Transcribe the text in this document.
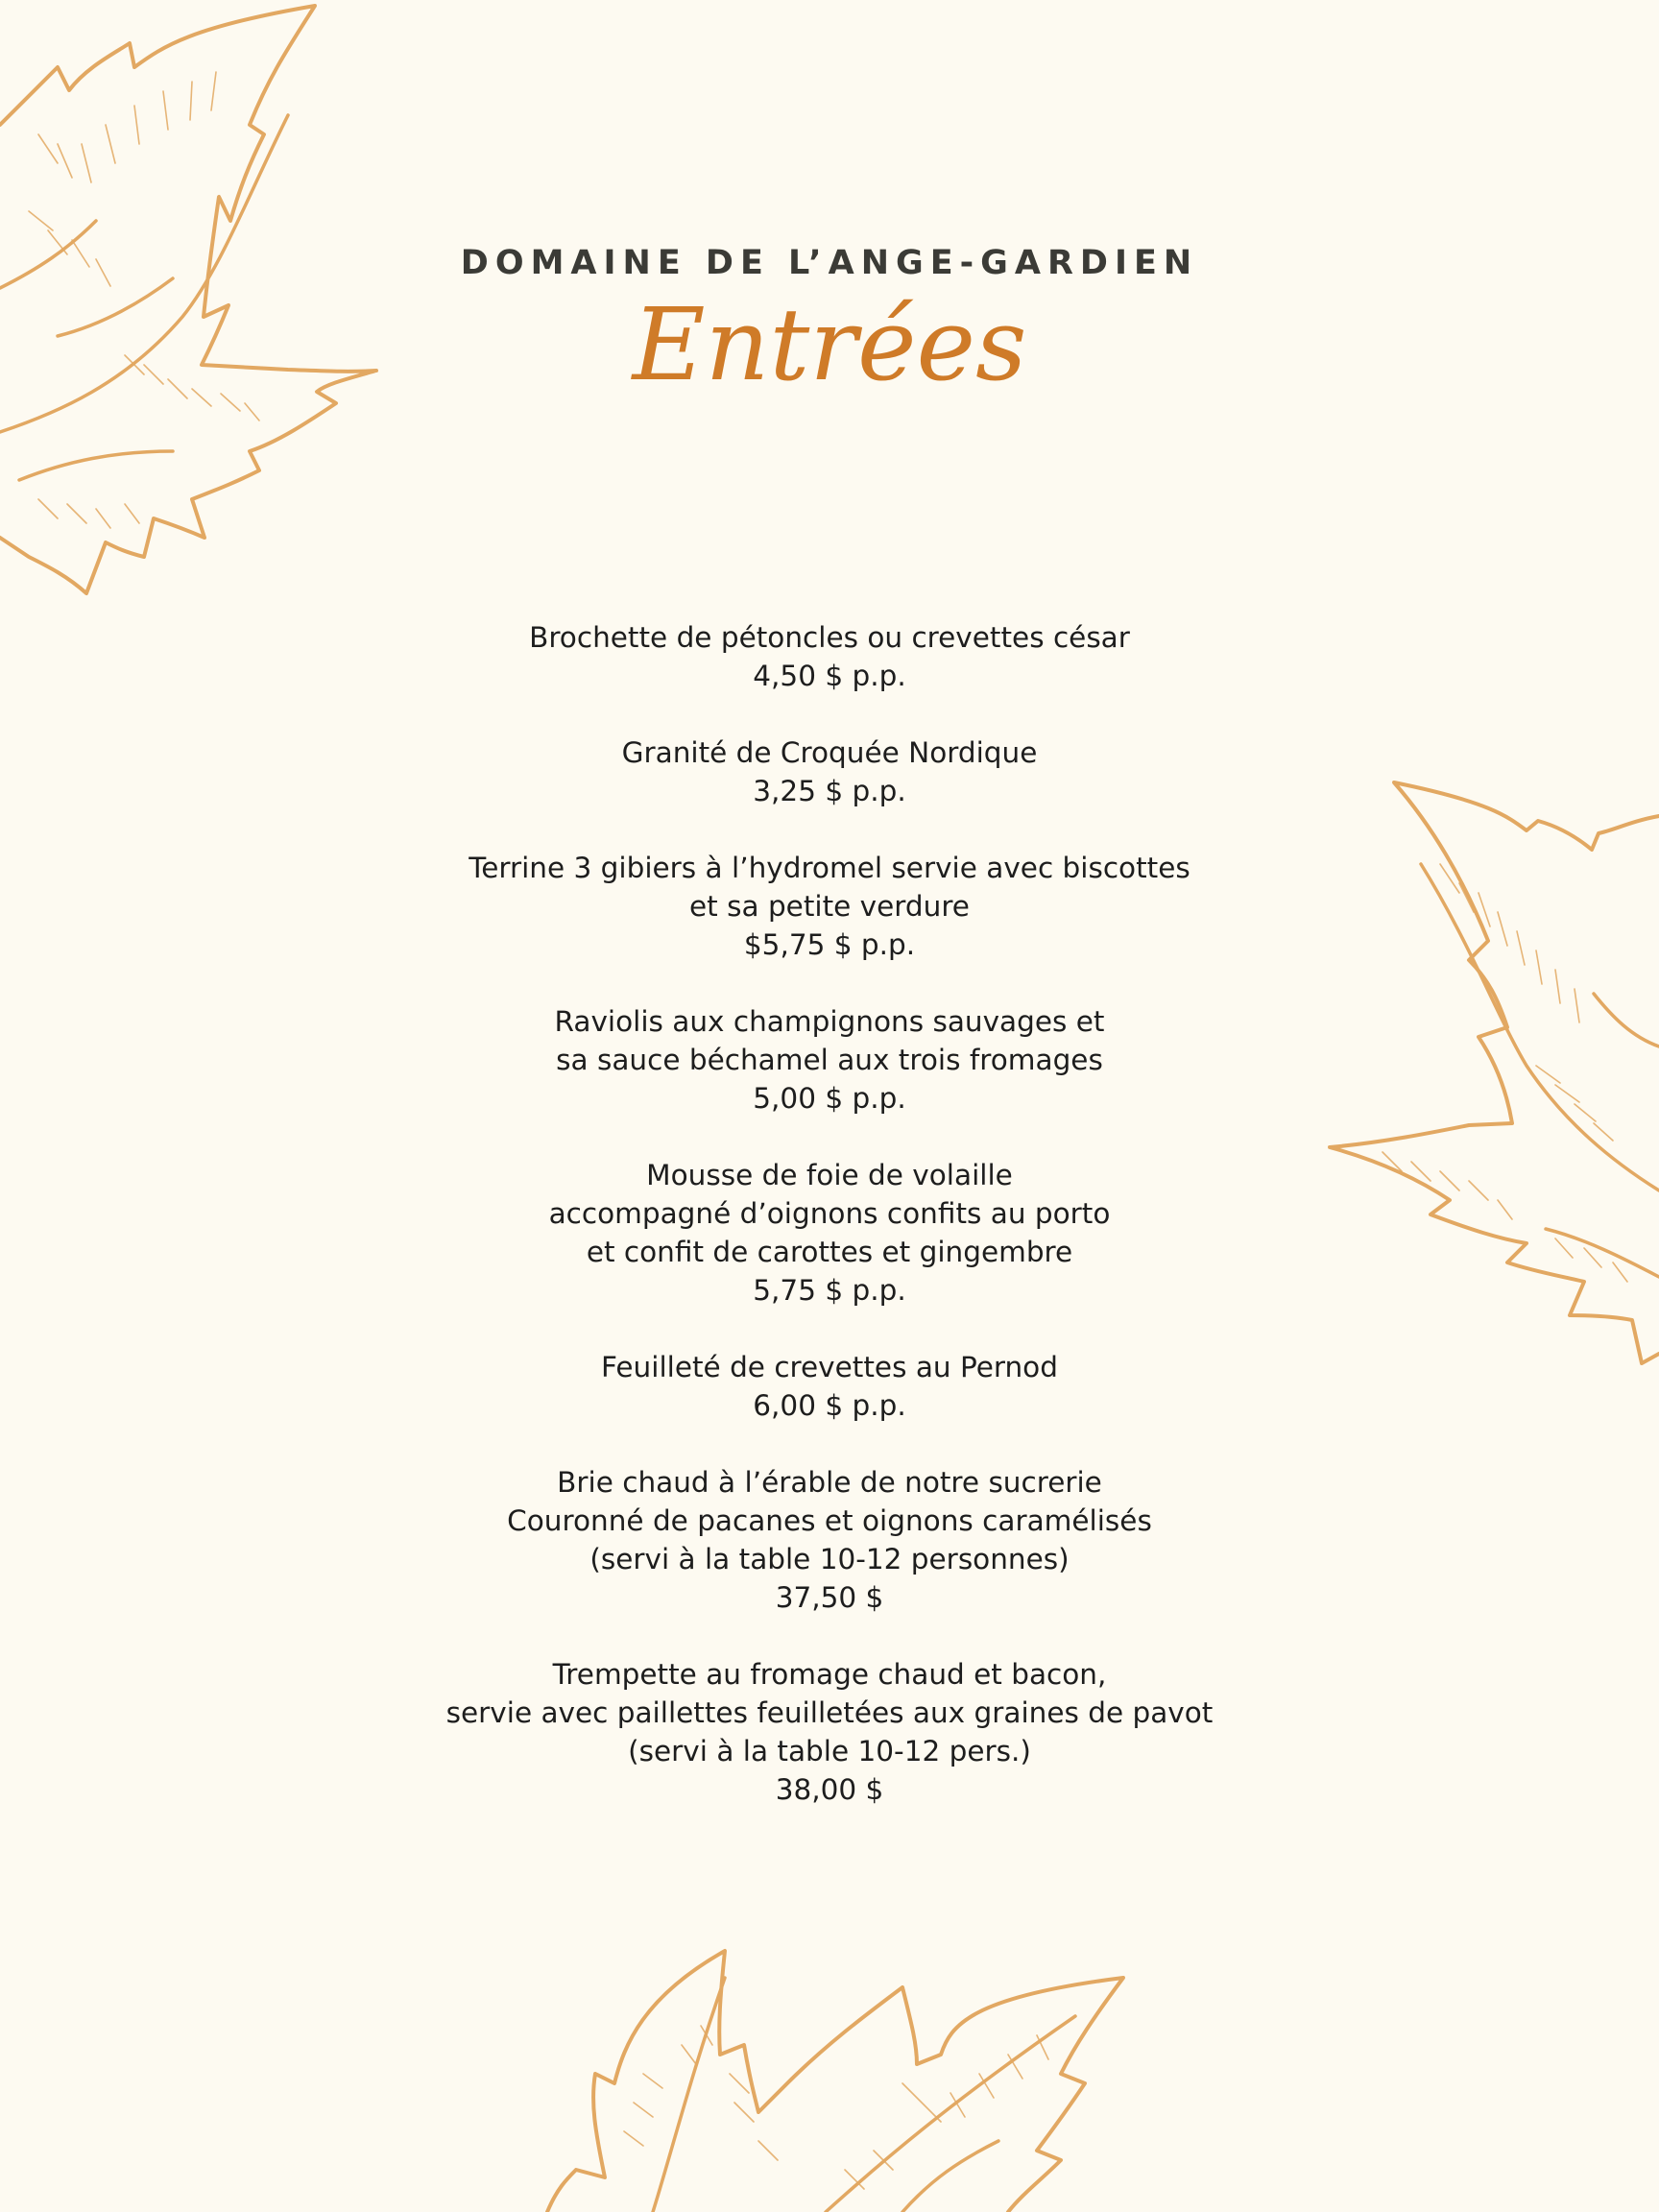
DOMAINE DE L’ANGE-GARDIEN
Entrées
Brochette de pétoncles ou crevettes césar
4,50 $ p.p.
Granité de Croquée Nordique
3,25 $ p.p.
Terrine 3 gibiers à l’hydromel servie avec biscottes
et sa petite verdure
$5,75 $ p.p.
Raviolis aux champignons sauvages et
sa sauce béchamel aux trois fromages
5,00 $ p.p.
Mousse de foie de volaille
accompagné d’oignons confits au porto
et confit de carottes et gingembre
5,75 $ p.p.
Feuilleté de crevettes au Pernod
6,00 $ p.p.
Brie chaud à l’érable de notre sucrerie
Couronné de pacanes et oignons caramélisés
(servi à la table 10-12 personnes)
37,50 $
Trempette au fromage chaud et bacon,
servie avec paillettes feuilletées aux graines de pavot
(servi à la table 10-12 pers.)
38,00 $
